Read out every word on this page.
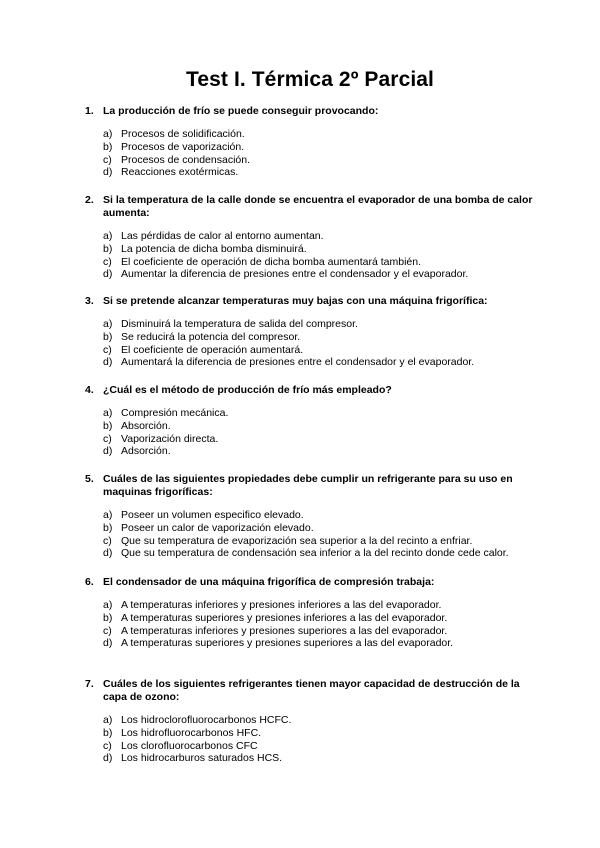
Test I. Térmica 2º Parcial
1. La producción de frío se puede conseguir provocando:
a) Procesos de solidificación.
b) Procesos de vaporización.
c) Procesos de condensación.
d) Reacciones exotérmicas.
2. Si la temperatura de la calle donde se encuentra el evaporador de una bomba de calor aumenta:
a) Las pérdidas de calor al entorno aumentan.
b) La potencia de dicha bomba disminuirá.
c) El coeficiente de operación de dicha bomba aumentará también.
d) Aumentar la diferencia de presiones entre el condensador y el evaporador.
3. Si se pretende alcanzar temperaturas muy bajas con una máquina frigorífica:
a) Disminuirá la temperatura de salida del compresor.
b) Se reducirá la potencia del compresor.
c) El coeficiente de operación aumentará.
d) Aumentará la diferencia de presiones entre el condensador y el evaporador.
4. ¿Cuál es el método de producción de frío más empleado?
a) Compresión mecánica.
b) Absorción.
c) Vaporización directa.
d) Adsorción.
5. Cuáles de las siguientes propiedades debe cumplir un refrigerante para su uso en maquinas frigoríficas:
a) Poseer un volumen especifico elevado.
b) Poseer un calor de vaporización elevado.
c) Que su temperatura de evaporización sea superior a la del recinto a enfriar.
d) Que su temperatura de condensación sea inferior a la del recinto donde cede calor.
6. El condensador de una máquina frigorífica de compresión trabaja:
a) A temperaturas inferiores y presiones inferiores a las del evaporador.
b) A temperaturas superiores y presiones inferiores a las del evaporador.
c) A temperaturas inferiores y presiones superiores a las del evaporador.
d) A temperaturas superiores y presiones superiores a las del evaporador.
7. Cuáles de los siguientes refrigerantes tienen mayor capacidad de destrucción de la capa de ozono:
a) Los hidroclorofluorocarbonos HCFC.
b) Los hidrofluorocarbonos HFC.
c) Los clorofluorocarbonos CFC
d) Los hidrocarburos saturados HCS.
